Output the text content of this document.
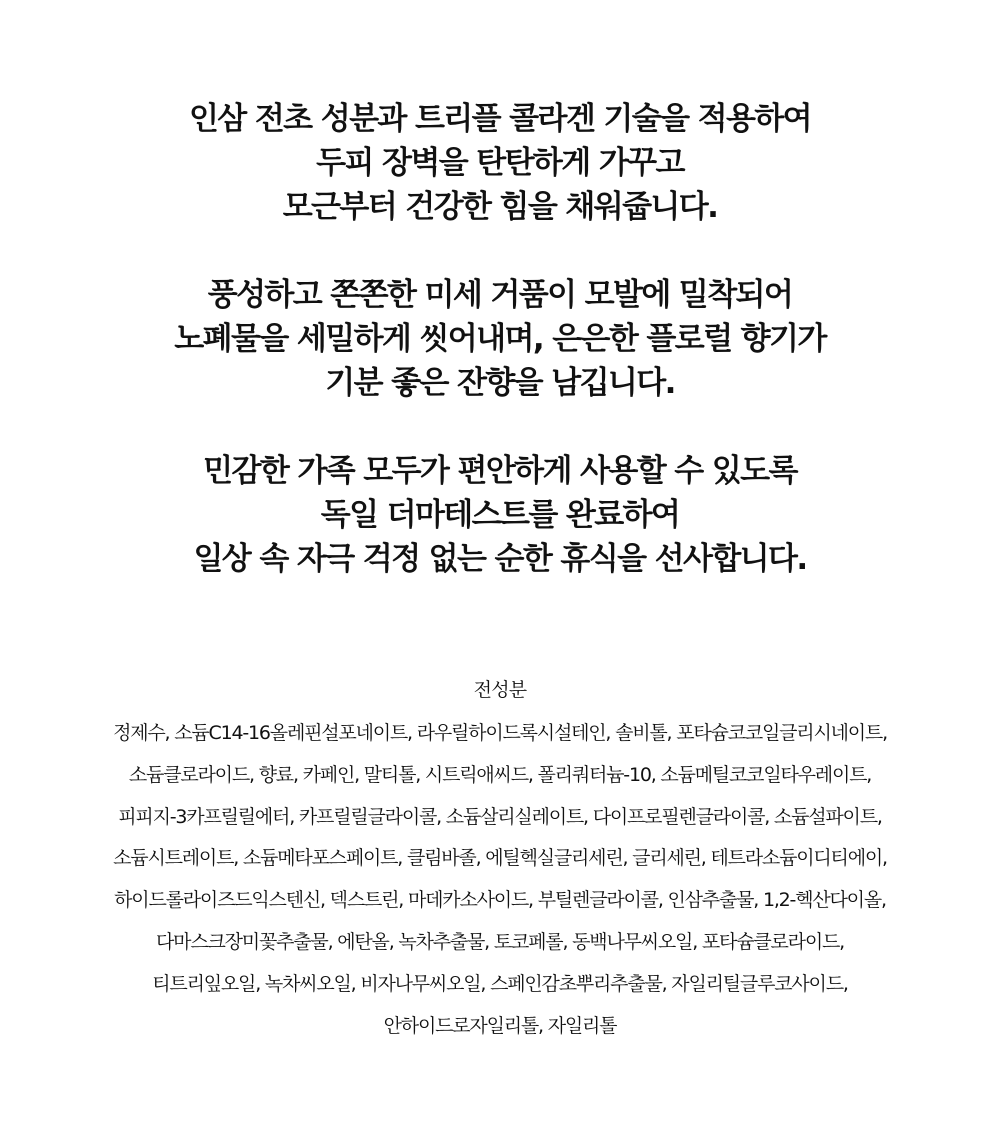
인삼 전초 성분과 트리플 콜라겐 기술을 적용하여
두피 장벽을 탄탄하게 가꾸고
모근부터 건강한 힘을 채워줍니다.

풍성하고 쫀쫀한 미세 거품이 모발에 밀착되어
노폐물을 세밀하게 씻어내며, 은은한 플로럴 향기가
기분 좋은 잔향을 남깁니다.

민감한 가족 모두가 편안하게 사용할 수 있도록
독일 더마테스트를 완료하여
일상 속 자극 걱정 없는 순한 휴식을 선사합니다.

전성분
정제수, 소듐C14-16올레핀설포네이트, 라우릴하이드록시설테인, 솔비톨, 포타슘코코일글리시네이트,
소듐클로라이드, 향료, 카페인, 말티톨, 시트릭애씨드, 폴리쿼터늄-10, 소듐메틸코코일타우레이트,
피피지-3카프릴릴에터, 카프릴릴글라이콜, 소듐살리실레이트, 다이프로필렌글라이콜, 소듐설파이트,
소듐시트레이트, 소듐메타포스페이트, 클림바졸, 에틸헥실글리세린, 글리세린, 테트라소듐이디티에이,
하이드롤라이즈드익스텐신, 덱스트린, 마데카소사이드, 부틸렌글라이콜, 인삼추출물, 1,2-헥산다이올,
다마스크장미꽃추출물, 에탄올, 녹차추출물, 토코페롤, 동백나무씨오일, 포타슘클로라이드,
티트리잎오일, 녹차씨오일, 비자나무씨오일, 스페인감초뿌리추출물, 자일리틸글루코사이드,
안하이드로자일리톨, 자일리톨
